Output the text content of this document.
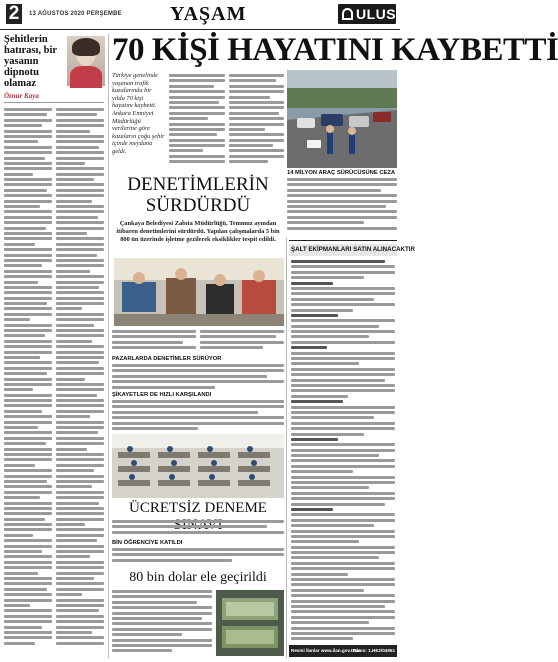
2	13 AĞUSTOS 2020 PERŞEMBE YAŞAM	ULUS
Şehitlerin hatırası, bir yasanın dipnotu olamaz
Öznur Kaya
70 KİŞİ HAYATINI KAYBETTİ
Türkiye genelinde yaşanan trafik kazalarında bir yılda 70 kişi hayatını kaybetti. Ankara Emniyet Müdürlüğü verilerine göre kazaların çoğu şehir içinde meydana geldi.
14 MİLYON ARAÇ SÜRÜCÜSÜNE CEZA
DENETİMLERİN SÜRDÜRDÜ
Çankaya Belediyesi Zabıta Müdürlüğü, Temmuz ayından itibaren denetimlerini sürdürdü. Yapılan çalışmalarda 5 bin 800 ün üzerinde işletme gezilerek eksiklikler tespit edildi.
PAZARLARDA DENETİMLER SÜRÜYOR
ŞİKAYETLER DE HIZLI KARŞILANDI
ÜCRETSİZ DENEME
BİN ÖĞRENCİYE KATILDI
80 bin dolar ele geçirildi
ŞALT EKİPMANLARI SATIN ALINACAKTIR
Resmi İlanlar www.ilan.gov.tr'de
Basın: 1.HE2/04951
